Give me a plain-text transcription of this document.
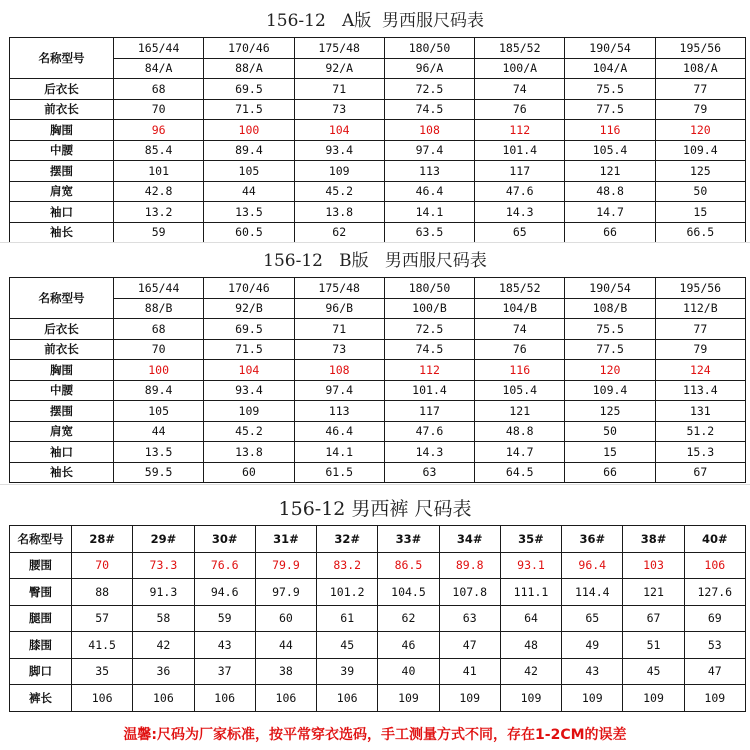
156-12   A版  男西服尺码表
名称型号	165/44	170/46	175/48	180/50	185/52	190/54	195/56
	84/A	88/A	92/A	96/A	100/A	104/A	108/A
后衣长	68	69.5	71	72.5	74	75.5	77
前衣长	70	71.5	73	74.5	76	77.5	79
胸围	96	100	104	108	112	116	120
中腰	85.4	89.4	93.4	97.4	101.4	105.4	109.4
摆围	101	105	109	113	117	121	125
肩宽	42.8	44	45.2	46.4	47.6	48.8	50
袖口	13.2	13.5	13.8	14.1	14.3	14.7	15
袖长	59	60.5	62	63.5	65	66	66.5
156-12   B版   男西服尺码表
名称型号	165/44	170/46	175/48	180/50	185/52	190/54	195/56
	88/B	92/B	96/B	100/B	104/B	108/B	112/B
后衣长	68	69.5	71	72.5	74	75.5	77
前衣长	70	71.5	73	74.5	76	77.5	79
胸围	100	104	108	112	116	120	124
中腰	89.4	93.4	97.4	101.4	105.4	109.4	113.4
摆围	105	109	113	117	121	125	131
肩宽	44	45.2	46.4	47.6	48.8	50	51.2
袖口	13.5	13.8	14.1	14.3	14.7	15	15.3
袖长	59.5	60	61.5	63	64.5	66	67
156-12 男西裤 尺码表
名称型号	28#	29#	30#	31#	32#	33#	34#	35#	36#	38#	40#
腰围	70	73.3	76.6	79.9	83.2	86.5	89.8	93.1	96.4	103	106
臀围	88	91.3	94.6	97.9	101.2	104.5	107.8	111.1	114.4	121	127.6
腿围	57	58	59	60	61	62	63	64	65	67	69
膝围	41.5	42	43	44	45	46	47	48	49	51	53
脚口	35	36	37	38	39	40	41	42	43	45	47
裤长	106	106	106	106	106	109	109	109	109	109	109
温馨:尺码为厂家标准，按平常穿衣选码，手工测量方式不同，存在1-2CM的误差
